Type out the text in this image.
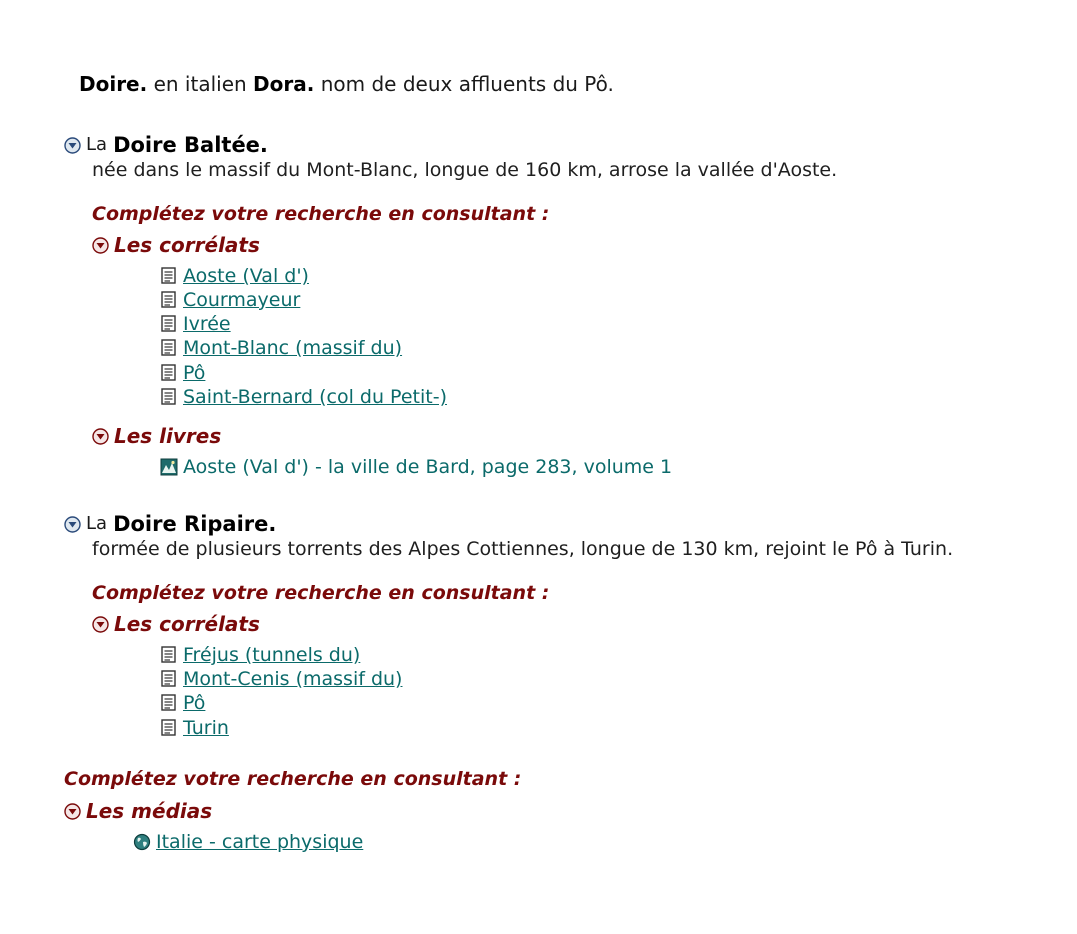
Doire. en italien Dora. nom de deux affluents du Pô.
La Doire Baltée.
née dans le massif du Mont-Blanc, longue de 160 km, arrose la vallée d'Aoste.
Complétez votre recherche en consultant :
Les corrélats
Aoste (Val d')
Courmayeur
Ivrée
Mont-Blanc (massif du)
Pô
Saint-Bernard (col du Petit-)
Les livres
Aoste (Val d') - la ville de Bard, page 283, volume 1
La Doire Ripaire.
formée de plusieurs torrents des Alpes Cottiennes, longue de 130 km, rejoint le Pô à Turin.
Complétez votre recherche en consultant :
Les corrélats
Fréjus (tunnels du)
Mont-Cenis (massif du)
Pô
Turin
Complétez votre recherche en consultant :
Les médias
Italie - carte physique
